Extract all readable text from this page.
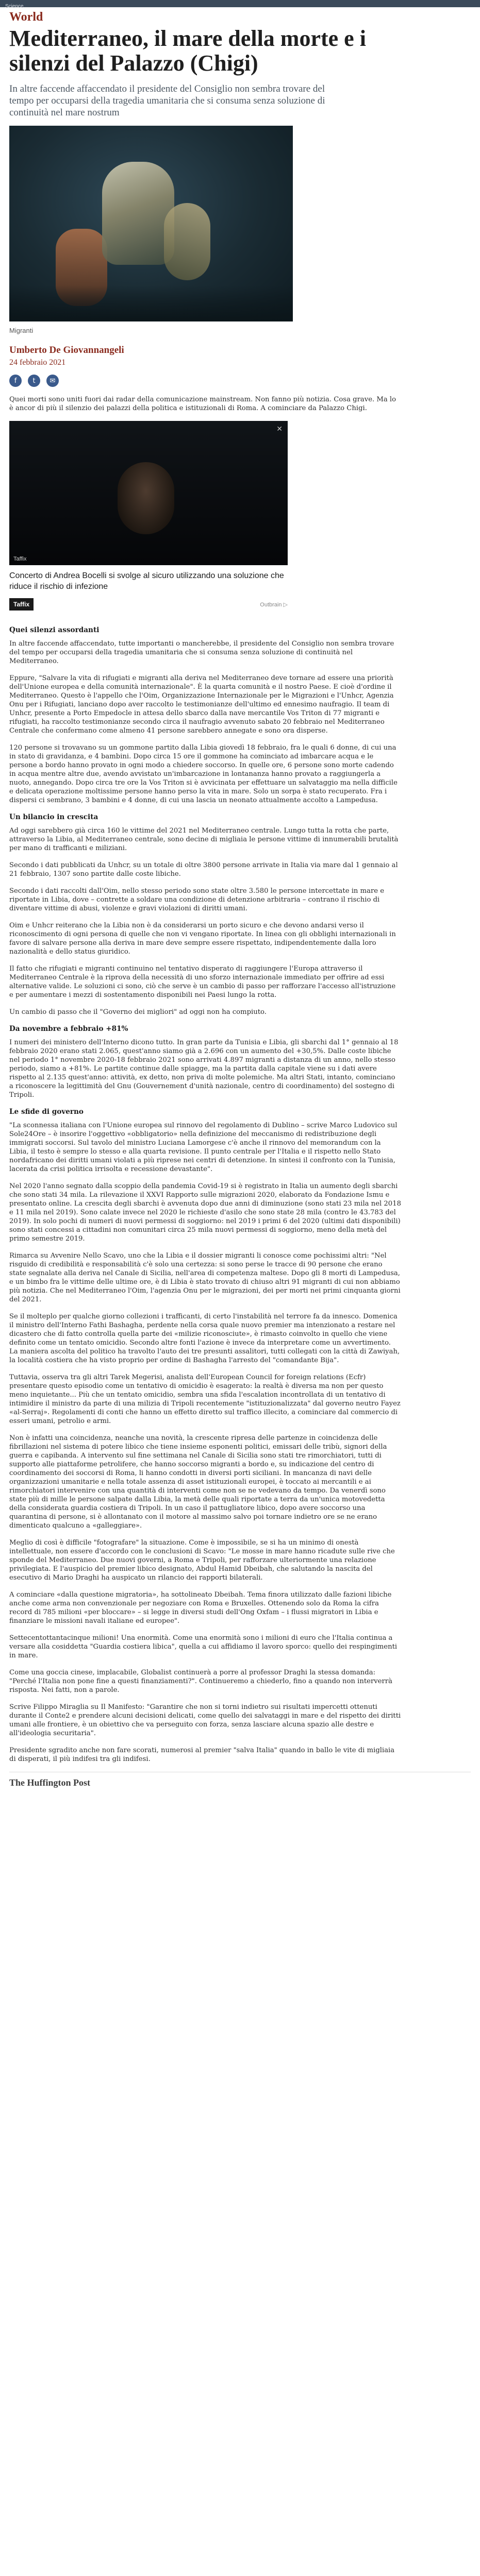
Science
World
Mediterraneo, il mare della morte e i silenzi del Palazzo (Chigi)
In altre faccende affaccendato il presidente del Consiglio non sembra trovare del tempo per occuparsi della tragedia umanitaria che si consuma senza soluzione di continuità nel mare nostrum
Migranti
Umberto De Giovannangeli
24 febbraio 2021
f	t	✉

Quei morti sono uniti fuori dai radar della comunicazione mainstream. Non fanno più notizia. Cosa grave. Ma lo è ancor di più il silenzio dei palazzi della politica e istituzionali di Roma. A cominciare da Palazzo Chigi.

✕
Taffix
Concerto di Andrea Bocelli si svolge al sicuro utilizzando una soluzione che riduce il rischio di infezione
Taffix	Outbrain ▷
Quei silenzi assordanti

In altre faccende affaccendato, tutte importanti o mancherebbe, il presidente del Consiglio non sembra trovare del tempo per occuparsi della tragedia umanitaria che si consuma senza soluzione di continuità nel Mediterraneo.

Eppure, "Salvare la vita di rifugiati e migranti alla deriva nel Mediterraneo deve tornare ad essere una priorità dell'Unione europea e della comunità internazionale". È la quarta comunità e il nostro Paese. E cioè d'ordine il Mediterraneo. Questo è l'appello che l'Oim, Organizzazione Internazionale per le Migrazioni e l'Unhcr, Agenzia Onu per i Rifugiati, lanciano dopo aver raccolto le testimonianze dell'ultimo ed ennesimo naufragio. Il team di Unhcr, presente a Porto Empedocle in attesa dello sbarco dalla nave mercantile Vos Triton di 77 migranti e rifugiati, ha raccolto testimonianze secondo circa il naufragio avvenuto sabato 20 febbraio nel Mediterraneo Centrale che confermano come almeno 41 persone sarebbero annegate e sono ora disperse.

120 persone si trovavano su un gommone partito dalla Libia giovedì 18 febbraio, fra le quali 6 donne, di cui una in stato di gravidanza, e 4 bambini. Dopo circa 15 ore il gommone ha cominciato ad imbarcare acqua e le persone a bordo hanno provato in ogni modo a chiedere soccorso. In quelle ore, 6 persone sono morte cadendo in acqua mentre altre due, avendo avvistato un'imbarcazione in lontananza hanno provato a raggiungerla a nuoto, annegando. Dopo circa tre ore la Vos Triton si è avvicinata per effettuare un salvataggio ma nella difficile e delicata operazione moltissime persone hanno perso la vita in mare. Solo un sorpa è stato recuperato. Fra i dispersi ci sembrano, 3 bambini e 4 donne, di cui una lascia un neonato attualmente accolto a Lampedusa.

Un bilancio in crescita

Ad oggi sarebbero già circa 160 le vittime del 2021 nel Mediterraneo centrale. Lungo tutta la rotta che parte, attraverso la Libia, al Mediterraneo centrale, sono decine di migliaia le persone vittime di innumerabili brutalità per mano di trafficanti e miliziani.

Secondo i dati pubblicati da Unhcr, su un totale di oltre 3800 persone arrivate in Italia via mare dal 1 gennaio al 21 febbraio, 1307 sono partite dalle coste libiche.

Secondo i dati raccolti dall'Oim, nello stesso periodo sono state oltre 3.580 le persone intercettate in mare e riportate in Libia, dove – contrette a soldare una condizione di detenzione arbitraria – contrano il rischio di diventare vittime di abusi, violenze e gravi violazioni di diritti umani.

Oim e Unhcr reiterano che la Libia non è da considerarsi un porto sicuro e che devono andarsi verso il riconoscimento di ogni persona di quelle che non vi vengano riportate. In linea con gli obblighi internazionali in favore di salvare persone alla deriva in mare deve sempre essere rispettato, indipendentemente dalla loro nazionalità e dello status giuridico.

Il fatto che rifugiati e migranti continuino nel tentativo disperato di raggiungere l'Europa attraverso il Mediterraneo Centrale è la riprova della necessità di uno sforzo internazionale immediato per offrire ad essi alternative valide. Le soluzioni ci sono, ciò che serve è un cambio di passo per rafforzare l'accesso all'istruzione e per aumentare i mezzi di sostentamento disponibili nei Paesi lungo la rotta.

Un cambio di passo che il "Governo dei migliori" ad oggi non ha compiuto.

Da novembre a febbraio +81%

I numeri dei ministero dell'Interno dicono tutto. In gran parte da Tunisia e Libia, gli sbarchi dal 1° gennaio al 18 febbraio 2020 erano stati 2.065, quest'anno siamo già a 2.696 con un aumento del +30,5%. Dalle coste libiche nel periodo 1° novembre 2020-18 febbraio 2021 sono arrivati 4.897 migranti a distanza di un anno, nello stesso periodo, siamo a +81%. Le partite continue dalle spiagge, ma la partita dalla capitale viene su i dati avere rispetto al 2.135 quest'anno: attività, ex detto, non priva di molte polemiche. Ma altri Stati, intanto, cominciano a riconoscere la legittimità del Gnu (Gouvernement d'unità nazionale, centro di coordinamento) del sostegno di Tripoli.

Le sfide di governo

"La sconnessa italiana con l'Unione europea sul rinnovo del regolamento di Dublino – scrive Marco Ludovico sul Sole24Ore – è insorire l'oggettivo «obbligatorio» nella definizione del meccanismo di redistribuzione degli immigrati soccorsi. Sul tavolo del ministro Luciana Lamorgese c'è anche il rinnovo del memorandum con la Libia, il testo è sempre lo stesso e alla quarta revisione. Il punto centrale per l'Italia e il rispetto nello Stato nordafricano dei diritti umani violati a più riprese nei centri di detenzione. In sintesi il confronto con la Tunisia, lacerata da crisi politica irrisolta e recessione devastante".

Nel 2020 l'anno segnato dalla scoppio della pandemia Covid-19 si è registrato in Italia un aumento degli sbarchi che sono stati 34 mila. La rilevazione il XXVI Rapporto sulle migrazioni 2020, elaborato da Fondazione Ismu e presentato online. La crescita degli sbarchi è avvenuta dopo due anni di diminuzione (sono stati 23 mila nel 2018 e 11 mila nel 2019). Sono calate invece nel 2020 le richieste d'asilo che sono state 28 mila (contro le 43.783 del 2019). In solo pochi di numeri di nuovi permessi di soggiorno: nel 2019 i primi 6 del 2020 (ultimi dati disponibili) sono stati concessi a cittadini non comunitari circa 25 mila nuovi permessi di soggiorno, meno della metà del primo semestre 2019.

Rimarca su Avvenire Nello Scavo, uno che la Libia e il dossier migranti li conosce come pochissimi altri: "Nel risguido di credibilità e responsabilità c'è solo una certezza: si sono perse le tracce di 90 persone che erano state segnalate alla deriva nel Canale di Sicilia, nell'area di competenza maltese. Dopo gli 8 morti di Lampedusa, e un bimbo fra le vittime delle ultime ore, è di Libia è stato trovato di chiuso altri 91 migranti di cui non abbiamo più notizia. Che nel Mediterraneo l'Oim, l'agenzia Onu per le migrazioni, dei per morti nei primi cinquanta giorni del 2021.

Se il molteplo per qualche giorno collezioni i trafficanti, di certo l'instabilità nel terrore fa da innesco. Domenica il ministro dell'Interno Fathi Bashagha, perdente nella corsa quale nuovo premier ma intenzionato a restare nel dicastero che di fatto controlla quella parte dei «milizie riconosciute», è rimasto coinvolto in quello che viene definito come un tentato omicidio. Secondo altre fonti l'azione è invece da interpretare come un avvertimento. La maniera ascolta del politico ha travolto l'auto dei tre presunti assalitori, tutti collegati con la città di Zawiyah, la località costiera che ha visto proprio per ordine di Bashagha l'arresto del "comandante Bija".

Tuttavia, osserva tra gli altri Tarek Megerisi, analista dell'European Council for foreign relations (Ecfr) presentare questo episodio come un tentativo di omicidio è esagerato: la realtà è diversa ma non per questo meno inquietante... Più che un tentato omicidio, sembra una sfida l'escalation incontrollata di un tentativo di intimidire il ministro da parte di una milizia di Tripoli recentemente "istituzionalizzata" dal governo neutro Fayez «al-Serraj». Regolamenti di conti che hanno un effetto diretto sul traffico illecito, a cominciare dal commercio di esseri umani, petrolio e armi.

Non è infatti una coincidenza, neanche una novità, la crescente ripresa delle partenze in coincidenza delle fibrillazioni nel sistema di potere libico che tiene insieme esponenti politici, emissari delle tribù, signori della guerra e capibanda. A intervento sul fine settimana nel Canale di Sicilia sono stati tre rimorchiatori, tutti di supporto alle piattaforme petrolifere, che hanno soccorso migranti a bordo e, su indicazione del centro di coordinamento dei soccorsi di Roma, li hanno condotti in diversi porti siciliani. In mancanza di navi delle organizzazioni umanitarie e nella totale assenza di asset istituzionali europei, è toccato ai mercantili e ai rimorchiatori intervenire con una quantità di interventi come non se ne vedevano da tempo. Da venerdì sono state più di mille le persone salpate dalla Libia, la metà delle quali riportate a terra da un'unica motovedetta della considerata guardia costiera di Tripoli. In un caso il pattugliatore libico, dopo avere soccorso una quarantina di persone, si è allontanato con il motore al massimo salvo poi tornare indietro ore se ne erano dimenticato qualcuno a «galleggiare».

Meglio di così è difficile "fotografare" la situazione. Come è impossibile, se si ha un minimo di onestà intellettuale, non essere d'accordo con le conclusioni di Scavo: "Le mosse in mare hanno ricadute sulle rive che sponde del Mediterraneo. Due nuovi governi, a Roma e Tripoli, per rafforzare ulteriormente una relazione privilegiata. E l'auspicio del premier libico designato, Abdul Hamid Dbeibah, che salutando la nascita del esecutivo di Mario Draghi ha auspicato un rilancio dei rapporti bilaterali.

A cominciare «dalla questione migratoria», ha sottolineato Dbeibah. Tema finora utilizzato dalle fazioni libiche anche come arma non convenzionale per negoziare con Roma e Bruxelles. Ottenendo solo da Roma la cifra record di 785 milioni «per bloccare» – si legge in diversi studi dell'Ong Oxfam – i flussi migratori in Libia e finanziare le missioni navali italiane ed europee".

Settecentottantacinque milioni! Una enormità. Come una enormità sono i milioni di euro che l'Italia continua a versare alla cosiddetta "Guardia costiera libica", quella a cui affidiamo il lavoro sporco: quello dei respingimenti in mare.

Come una goccia cinese, implacabile, Globalist continuerà a porre al professor Draghi la stessa domanda: "Perché l'Italia non pone fine a questi finanziamenti?". Continueremo a chiederlo, fino a quando non interverrà risposta. Nei fatti, non a parole.

Scrive Filippo Miraglia su Il Manifesto: "Garantire che non si torni indietro sui risultati impercetti ottenuti durante il Conte2 e prendere alcuni decisioni delicati, come quello dei salvataggi in mare e del rispetto dei diritti umani alle frontiere, è un obiettivo che va perseguito con forza, senza lasciare alcuna spazio alle destre e all'ideologia securitaria".

Presidente sgradito anche non fare scorati, numerosi al premier "salva Italia" quando in ballo le vite di migliaia di disperati, il più indifesi tra gli indifesi.

The Huffington Post
